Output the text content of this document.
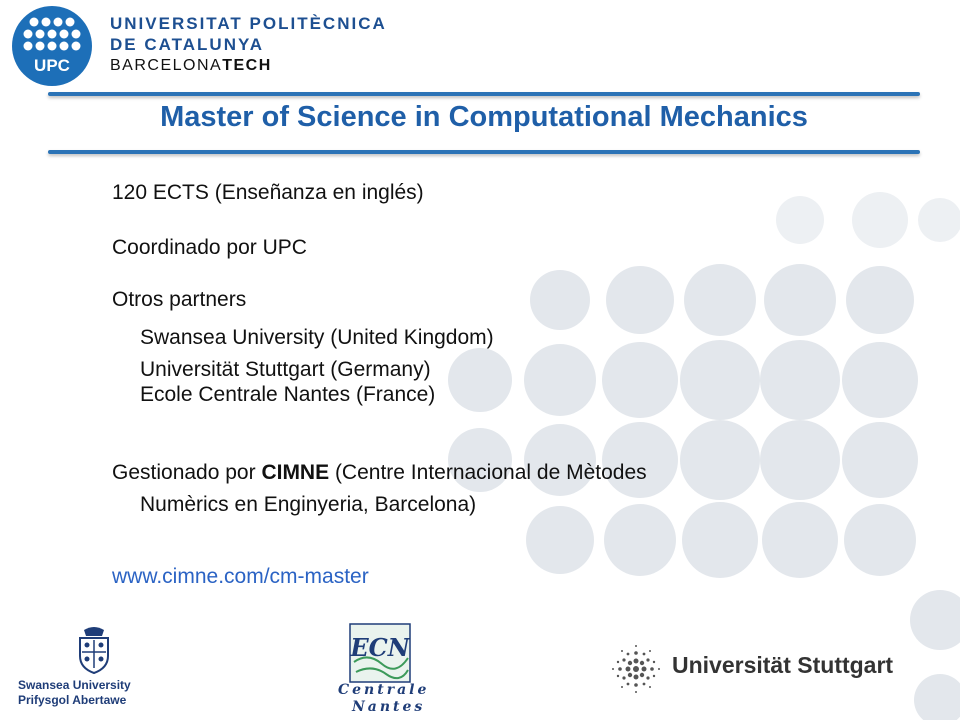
UPC
UNIVERSITAT POLITÈCNICA
DE CATALUNYA
BARCELONATECH
Master of Science in Computational Mechanics
120 ECTS (Enseñanza en inglés)
Coordinado por UPC
Otros partners
Swansea University (United Kingdom)
Universität Stuttgart (Germany)
Ecole Centrale Nantes (France)
Gestionado por CIMNE (Centre Internacional de Mètodes
Numèrics en Enginyeria, Barcelona)
www.cimne.com/cm-master
Swansea University
Prifysgol Abertawe
ECN
Centrale
Nantes
Universität Stuttgart
